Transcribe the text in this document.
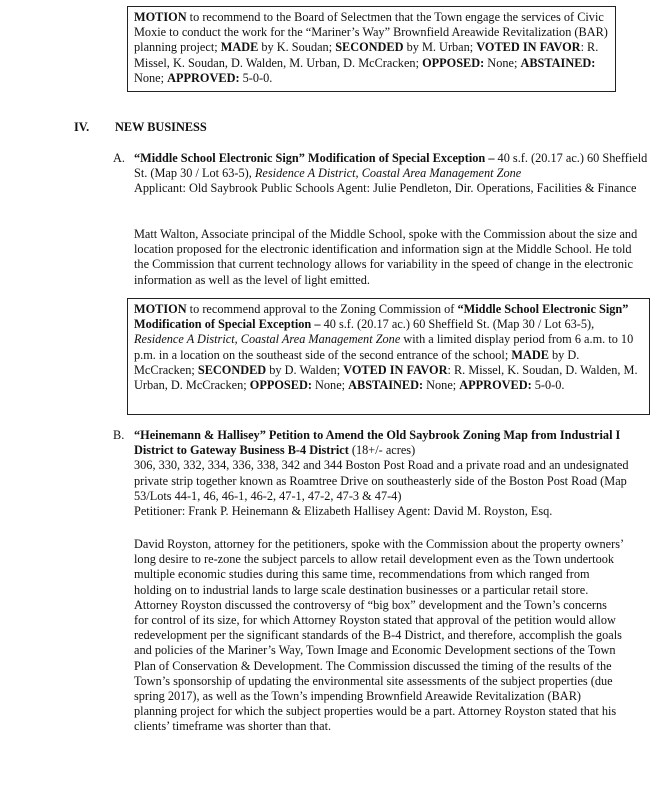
MOTION to recommend to the Board of Selectmen that the Town engage the services of Civic Moxie to conduct the work for the “Mariner’s Way” Brownfield Areawide Revitalization (BAR) planning project; MADE by K. Soudan; SECONDED by M. Urban; VOTED IN FAVOR: R. Missel, K. Soudan, D. Walden, M. Urban, D. McCracken; OPPOSED: None; ABSTAINED: None; APPROVED: 5-0-0.

IV. NEW BUSINESS
A. “Middle School Electronic Sign” Modification of Special Exception – 40 s.f. (20.17 ac.) 60 Sheffield St. (Map 30 / Lot 63-5), Residence A District, Coastal Area Management Zone

Applicant: Old Saybrook Public Schools Agent: Julie Pendleton, Dir. Operations, Facilities & Finance

Matt Walton, Associate principal of the Middle School, spoke with the Commission about the size and location proposed for the electronic identification and information sign at the Middle School. He told the Commission that current technology allows for variability in the speed of change in the electronic information as well as the level of light emitted.

MOTION to recommend approval to the Zoning Commission of “Middle School Electronic Sign” Modification of Special Exception – 40 s.f. (20.17 ac.) 60 Sheffield St. (Map 30 / Lot 63-5), Residence A District, Coastal Area Management Zone with a limited display period from 6 a.m. to 10 p.m. in a location on the southeast side of the second entrance of the school; MADE by D. McCracken; SECONDED by D. Walden; VOTED IN FAVOR: R. Missel, K. Soudan, D. Walden, M. Urban, D. McCracken; OPPOSED: None; ABSTAINED: None; APPROVED: 5-0-0.

B. “Heinemann & Hallisey” Petition to Amend the Old Saybrook Zoning Map from Industrial I District to Gateway Business B-4 District (18+/- acres)

306, 330, 332, 334, 336, 338, 342 and 344 Boston Post Road and a private road and an undesignated private strip together known as Roamtree Drive on southeasterly side of the Boston Post Road (Map 53/Lots 44-1, 46, 46-1, 46-2, 47-1, 47-2, 47-3 & 47-4)

Petitioner: Frank P. Heinemann & Elizabeth Hallisey Agent: David M. Royston, Esq.

David Royston, attorney for the petitioners, spoke with the Commission about the property owners’ long desire to re-zone the subject parcels to allow retail development even as the Town undertook multiple economic studies during this same time, recommendations from which ranged from holding on to industrial lands to large scale destination businesses or a particular retail store. Attorney Royston discussed the controversy of “big box” development and the Town’s concerns for control of its size, for which Attorney Royston stated that approval of the petition would allow redevelopment per the significant standards of the B-4 District, and therefore, accomplish the goals and policies of the Mariner’s Way, Town Image and Economic Development sections of the Town Plan of Conservation & Development. The Commission discussed the timing of the results of the Town’s sponsorship of updating the environmental site assessments of the subject properties (due spring 2017), as well as the Town’s impending Brownfield Areawide Revitalization (BAR) planning project for which the subject properties would be a part. Attorney Royston stated that his clients’ timeframe was shorter than that.
